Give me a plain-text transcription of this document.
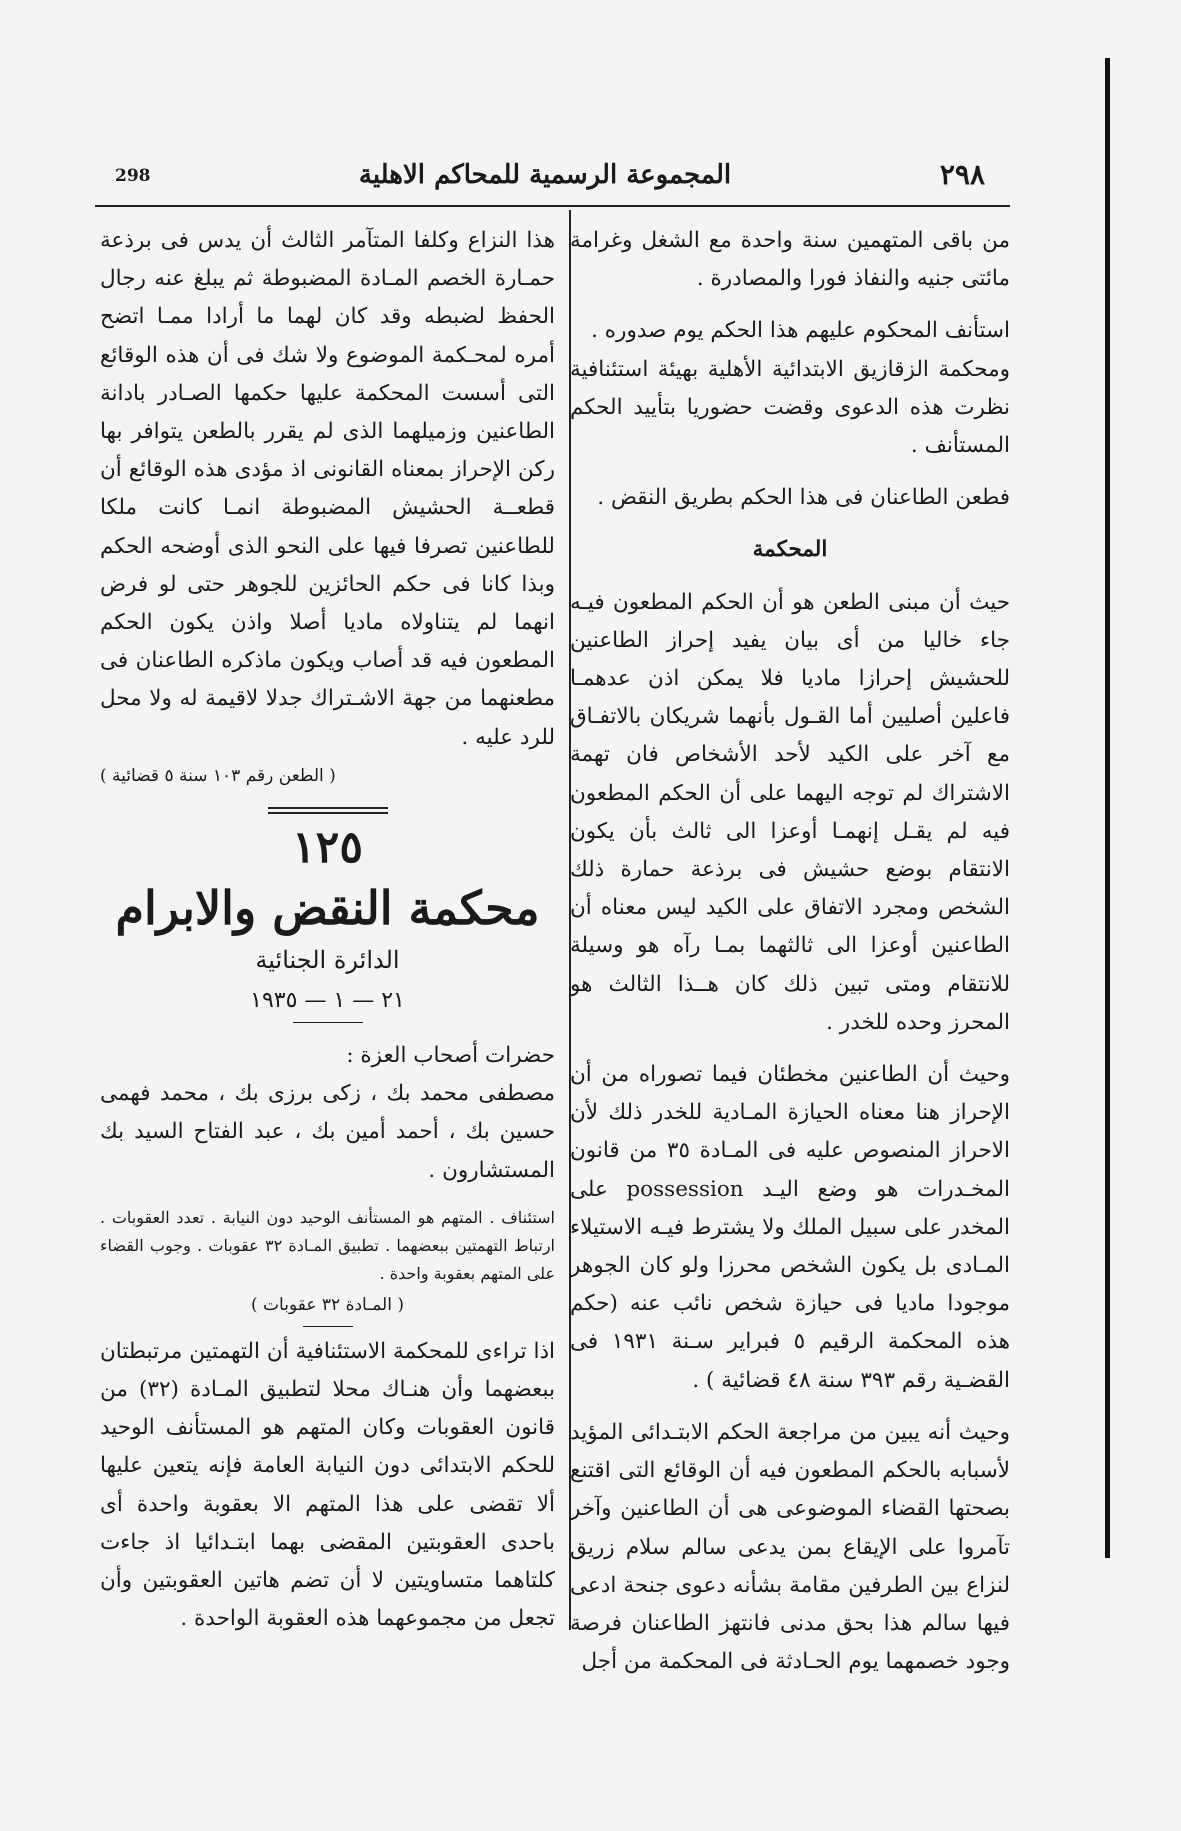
298	المجموعة الرسمية للمحاكم الاهلية	٢٩٨

من باقى المتهمين سنة واحدة مع الشغل وغرامة مائتى جنيه والنفاذ فورا والمصادرة .

استأنف المحكوم عليهم هذا الحكم يوم صدوره .

ومحكمة الزقازيق الابتدائية الأهلية بهيئة استئنافية نظرت هذه الدعوى وقضت حضوريا بتأييد الحكم المستأنف .

فطعن الطاعنان فى هذا الحكم بطريق النقض .

المحكمة

حيث أن مبنى الطعن هو أن الحكم المطعون فيـه جاء خاليا من أى بيان يفيد إحراز الطاعنين للحشيش إحرازا ماديا فلا يمكن اذن عدهمـا فاعلين أصليين أما القـول بأنهما شريكان بالاتفـاق مع آخر على الكيد لأحد الأشخاص فان تهمة الاشتراك لم توجه اليهما على أن الحكم المطعون فيه لم يقـل إنهمـا أوعزا الى ثالث بأن يكون الانتقام بوضع حشيش فى برذعة حمارة ذلك الشخص ومجرد الاتفاق على الكيد ليس معناه أن الطاعنين أوعزا الى ثالثهما بمـا رآه هو وسيلة للانتقام ومتى تبين ذلك كان هــذا الثالث هو المحرز وحده للخدر .

وحيث أن الطاعنين مخطئان فيما تصوراه من أن الإحراز هنا معناه الحيازة المـادية للخدر ذلك لأن الاحراز المنصوص عليه فى المـادة ٣٥ من قانون المخـدرات هو وضع اليـد possession على المخدر على سبيل الملك ولا يشترط فيـه الاستيلاء المـادى بل يكون الشخص محرزا ولو كان الجوهر موجودا ماديا فى حيازة شخص نائب عنه (حكم هذه المحكمة الرقيم ٥ فبراير سـنة ١٩٣١ فى القضـية رقم ٣٩٣ سنة ٤٨ قضائية ) .

وحيث أنه يبين من مراجعة الحكم الابتـدائى المؤيد لأسبابه بالحكم المطعون فيه أن الوقائع التى اقتنع بصحتها القضاء الموضوعى هى أن الطاعنين وآخر تآمروا على الإيقاع بمن يدعى سالم سلام زريق لنزاع بين الطرفين مقامة بشأنه دعوى جنحة ادعى فيها سالم هذا بحق مدنى فانتهز الطاعنان فرصة وجود خصمهما يوم الحـادثة فى المحكمة من أجل

هذا النزاع وكلفا المتآمر الثالث أن يدس فى برذعة حمـارة الخصم المـادة المضبوطة ثم يبلغ عنه رجال الحفظ لضبطه وقد كان لهما ما أرادا ممـا اتضح أمره لمحـكمة الموضوع ولا شك فى أن هذه الوقائع التى أسست المحكمة عليها حكمها الصـادر بادانة الطاعنين وزميلهما الذى لم يقرر بالطعن يتوافر بها ركن الإحراز بمعناه القانونى اذ مؤدى هذه الوقائع أن قطعــة الحشيش المضبوطة انمـا كانت ملكا للطاعنين تصرفا فيها على النحو الذى أوضحه الحكم وبذا كانا فى حكم الحائزين للجوهر حتى لو فرض انهما لم يتناولاه ماديا أصلا واذن يكون الحكم المطعون فيه قد أصاب ويكون ماذكره الطاعنان فى مطعنهما من جهة الاشـتراك جدلا لاقيمة له ولا محل للرد عليه .

( الطعن رقم ١٠٣ سنة ٥ قضائية )

١٢٥

محكمة النقض والابرام

الدائرة الجنائية

٢١ — ١ — ١٩٣٥

حضرات أصحاب العزة :

مصطفى محمد بك ، زكى برزى بك ، محمد فهمى حسين بك ، أحمد أمين بك ، عبد الفتاح السيد بك المستشارون .

استئناف . المتهم هو المستأنف الوحيد دون النيابة . تعدد العقوبات . ارتباط التهمتين ببعضهما . تطبيق المـادة ٣٢ عقوبات . وجوب القضاء على المتهم بعقوبة واحدة .

( المـادة ٣٢ عقوبات )

اذا تراءى للمحكمة الاستئنافية أن التهمتين مرتبطتان ببعضهما وأن هنـاك محلا لتطبيق المـادة (٣٢) من قانون العقوبات وكان المتهم هو المستأنف الوحيد للحكم الابتدائى دون النيابة العامة فإنه يتعين عليها ألا تقضى على هذا المتهم الا بعقوبة واحدة أى باحدى العقوبتين المقضى بهما ابتـدائيا اذ جاءت كلتاهما متساويتين لا أن تضم هاتين العقوبتين وأن تجعل من مجموعهما هذه العقوبة الواحدة .
